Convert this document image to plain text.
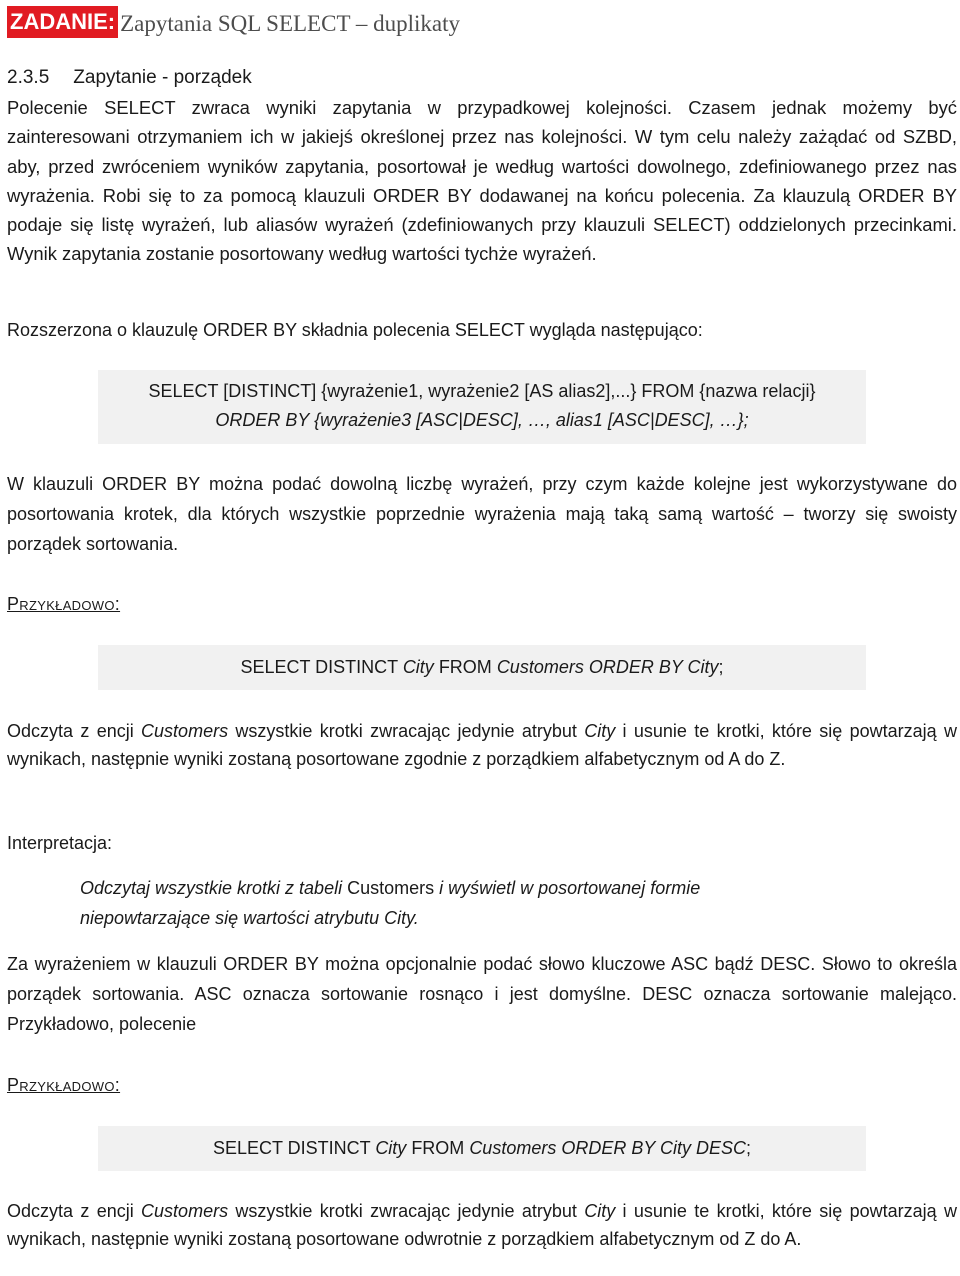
ZADANIE: Zapytania SQL SELECT – duplikaty
2.3.5 Zapytanie - porządek

Polecenie SELECT zwraca wyniki zapytania w przypadkowej kolejności. Czasem jednak możemy być zainteresowani otrzymaniem ich w jakiejś określonej przez nas kolejności. W tym celu należy zażądać od SZBD, aby, przed zwróceniem wyników zapytania, posortował je według wartości dowolnego, zdefiniowanego przez nas wyrażenia. Robi się to za pomocą klauzuli ORDER BY dodawanej na końcu polecenia. Za klauzulą ORDER BY podaje się listę wyrażeń, lub aliasów wyrażeń (zdefiniowanych przy klauzuli SELECT) oddzielonych przecinkami. Wynik zapytania zostanie posortowany według wartości tychże wyrażeń.

Rozszerzona o klauzulę ORDER BY składnia polecenia SELECT wygląda następująco:

SELECT [DISTINCT] {wyrażenie1, wyrażenie2 [AS alias2],...} FROM {nazwa relacji}
ORDER BY {wyrażenie3 [ASC|DESC], …, alias1 [ASC|DESC], …};

W klauzuli ORDER BY można podać dowolną liczbę wyrażeń, przy czym każde kolejne jest wykorzystywane do posortowania krotek, dla których wszystkie poprzednie wyrażenia mają taką samą wartość – tworzy się swoisty porządek sortowania.

Przykładowo:
SELECT DISTINCT City FROM Customers ORDER BY City;

Odczyta z encji Customers wszystkie krotki zwracając jedynie atrybut City i usunie te krotki, które się powtarzają w wynikach, następnie wyniki zostaną posortowane zgodnie z porządkiem alfabetycznym od A do Z.

Interpretacja:
Odczytaj wszystkie krotki z tabeli Customers i wyświetl w posortowanej formie niepowtarzające się wartości atrybutu City.

Za wyrażeniem w klauzuli ORDER BY można opcjonalnie podać słowo kluczowe ASC bądź DESC. Słowo to określa porządek sortowania. ASC oznacza sortowanie rosnąco i jest domyślne. DESC oznacza sortowanie malejąco. Przykładowo, polecenie

Przykładowo:
SELECT DISTINCT City FROM Customers ORDER BY City DESC;

Odczyta z encji Customers wszystkie krotki zwracając jedynie atrybut City i usunie te krotki, które się powtarzają w wynikach, następnie wyniki zostaną posortowane odwrotnie z porządkiem alfabetycznym od Z do A.
